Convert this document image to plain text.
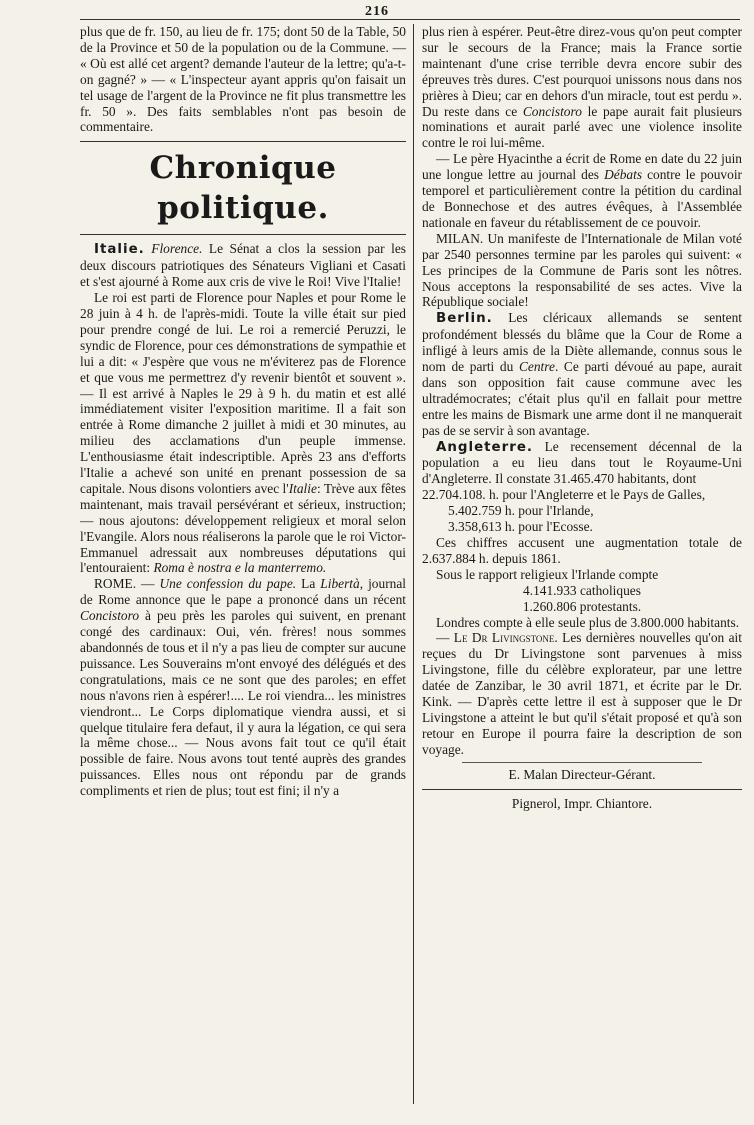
216

plus que de fr. 150, au lieu de fr. 175; dont 50 de la Table, 50 de la Province et 50 de la population ou de la Commune. — « Où est allé cet argent? demande l'auteur de la lettre; qu'a-t-on gagné? » — « L'inspecteur ayant appris qu'on faisait un tel usage de l'argent de la Province ne fit plus transmettre les fr. 50 ». Des faits semblables n'ont pas besoin de commentaire.

Chronique politique.

Italie. Florence. Le Sénat a clos la session par les deux discours patriotiques des Sénateurs Vigliani et Casati et s'est ajourné à Rome aux cris de vive le Roi! Vive l'Italie!

Le roi est parti de Florence pour Naples et pour Rome le 28 juin à 4 h. de l'après-midi. Toute la ville était sur pied pour prendre congé de lui. Le roi a remercié Peruzzi, le syndic de Florence, pour ces démonstrations de sympathie et lui a dit: « J'espère que vous ne m'éviterez pas de Florence et que vous me permettrez d'y revenir bientôt et souvent ». — Il est arrivé à Naples le 29 à 9 h. du matin et est allé immédiatement visiter l'exposition maritime. Il a fait son entrée à Rome dimanche 2 juillet à midi et 30 minutes, au milieu des acclamations d'un peuple immense. L'enthousiasme était indescriptible. Après 23 ans d'efforts l'Italie a achevé son unité en prenant possession de sa capitale. Nous disons volontiers avec l'Italie: Trève aux fêtes maintenant, mais travail persévérant et sérieux, instruction; — nous ajoutons: développement religieux et moral selon l'Evangile. Alors nous réaliserons la parole que le roi Victor-Emmanuel adressait aux nombreuses députations qui l'entouraient: Roma è nostra e la manterremo.

ROME. — Une confession du pape. La Libertà, journal de Rome annonce que le pape a prononcé dans un récent Concistoro à peu près les paroles qui suivent, en prenant congé des cardinaux: Oui, vén. frères! nous sommes abandonnés de tous et il n'y a pas lieu de compter sur aucune puissance. Les Souverains m'ont envoyé des délégués et des congratulations, mais ce ne sont que des paroles; en effet nous n'avons rien à espérer!.... Le roi viendra... les ministres viendront... Le Corps diplomatique viendra aussi, et si quelque titulaire fera defaut, il y aura la légation, ce qui sera la même chose... — Nous avons fait tout ce qu'il était possible de faire. Nous avons tout tenté auprès des grandes puissances. Elles nous ont répondu par de grands compliments et rien de plus; tout est fini; il n'y a

plus rien à espérer. Peut-être direz-vous qu'on peut compter sur le secours de la France; mais la France sortie maintenant d'une crise terrible devra encore subir des épreuves très dures. C'est pourquoi unissons nous dans nos prières à Dieu; car en dehors d'un miracle, tout est perdu ». Du reste dans ce Concistoro le pape aurait fait plusieurs nominations et aurait parlé avec une violence insolite contre le roi lui-même.

— Le père Hyacinthe a écrit de Rome en date du 22 juin une longue lettre au journal des Débats contre le pouvoir temporel et particulièrement contre la pétition du cardinal de Bonnechose et des autres évêques, à l'Assemblée nationale en faveur du rétablissement de ce pouvoir.

MILAN. Un manifeste de l'Internationale de Milan voté par 2540 personnes termine par les paroles qui suivent: « Les principes de la Commune de Paris sont les nôtres. Nous acceptons la responsabilité de ses actes. Vive la République sociale!

Berlin. Les cléricaux allemands se sentent profondément blessés du blâme que la Cour de Rome a infligé à leurs amis de la Diète allemande, connus sous le nom de parti du Centre. Ce parti dévoué au pape, aurait dans son opposition fait cause commune avec les ultradémocrates; c'était plus qu'il en fallait pour mettre entre les mains de Bismark une arme dont il ne manquerait pas de se servir à son avantage.

Angleterre. Le recensement décennal de la population a eu lieu dans tout le Royaume-Uni d'Angleterre. Il constate 31.465.470 habitants, dont

22.704.108. h. pour l'Angleterre et le Pays de Galles,

5.402.759 h. pour l'Irlande,

3.358,613 h. pour l'Ecosse.

Ces chiffres accusent une augmentation totale de 2.637.884 h. depuis 1861.

Sous le rapport religieux l'Irlande compte

4.141.933 catholiques

1.260.806 protestants.

Londres compte à elle seule plus de 3.800.000 habitants.

— Le Dr Livingstone. Les dernières nouvelles qu'on ait reçues du Dr Livingstone sont parvenues à miss Livingstone, fille du célèbre explorateur, par une lettre datée de Zanzibar, le 30 avril 1871, et écrite par le Dr. Kink. — D'après cette lettre il est à supposer que le Dr Livingstone a atteint le but qu'il s'était proposé et qu'à son retour en Europe il pourra faire la description de son voyage.

E. Malan Directeur-Gérant.

Pignerol, Impr. Chiantore.
